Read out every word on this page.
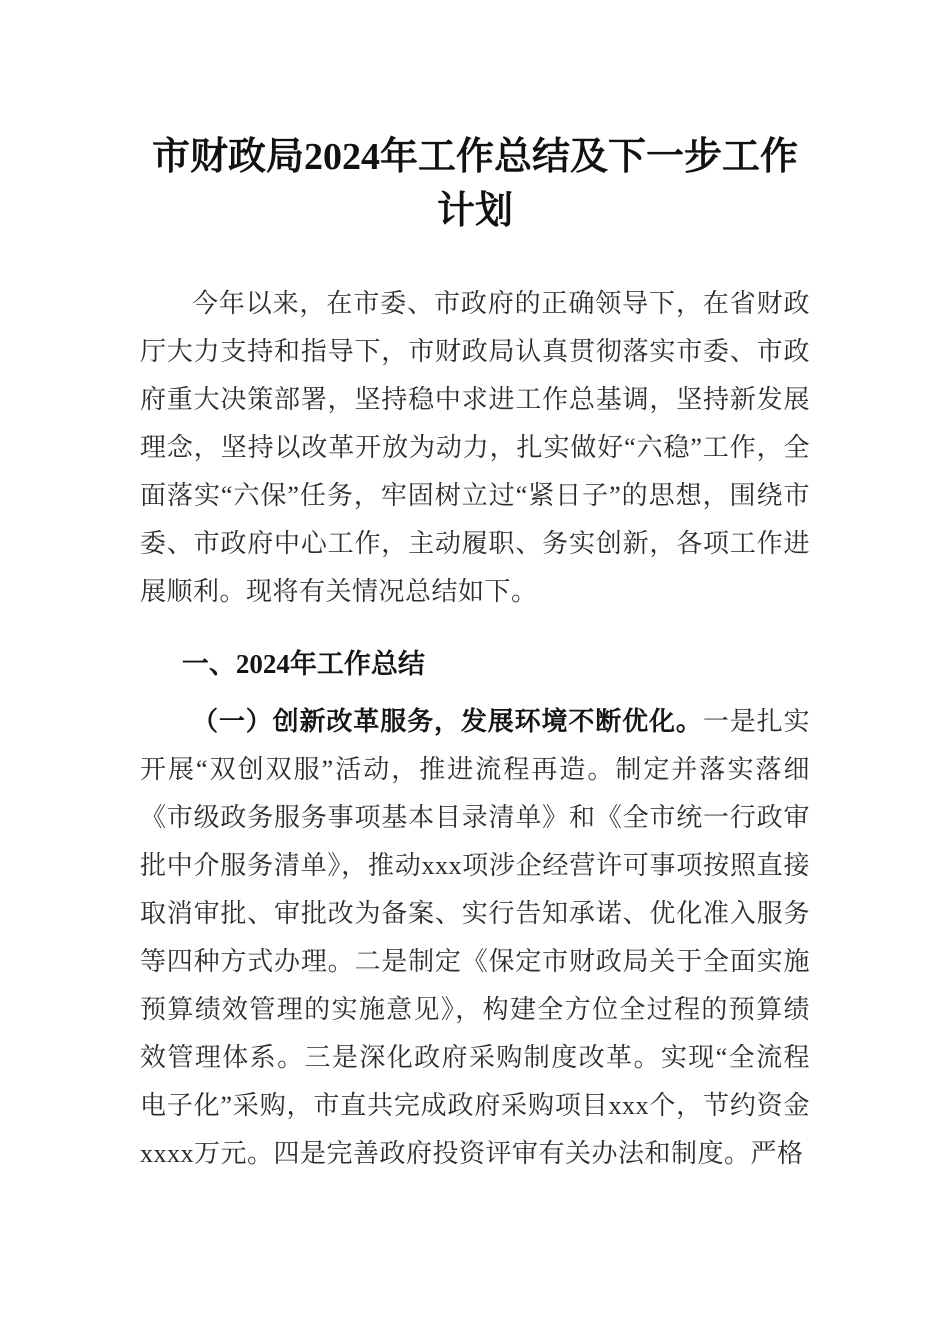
市财政局2024年工作总结及下一步工作计划

今年以来，在市委、市政府的正确领导下，在省财政厅大力支持和指导下，市财政局认真贯彻落实市委、市政府重大决策部署，坚持稳中求进工作总基调，坚持新发展理念，坚持以改革开放为动力，扎实做好“六稳”工作，全面落实“六保”任务，牢固树立过“紧日子”的思想，围绕市委、市政府中心工作，主动履职、务实创新，各项工作进展顺利。现将有关情况总结如下。

一、2024年工作总结

（一）创新改革服务，发展环境不断优化。一是扎实开展“双创双服”活动，推进流程再造。制定并落实落细《市级政务服务事项基本目录清单》和《全市统一行政审批中介服务清单》，推动xxx项涉企经营许可事项按照直接取消审批、审批改为备案、实行告知承诺、优化准入服务等四种方式办理。二是制定《保定市财政局关于全面实施预算绩效管理的实施意见》，构建全方位全过程的预算绩效管理体系。三是深化政府采购制度改革。实现“全流程电子化”采购，市直共完成政府采购项目xxx个，节约资金xxxx万元。四是完善政府投资评审有关办法和制度。严格
